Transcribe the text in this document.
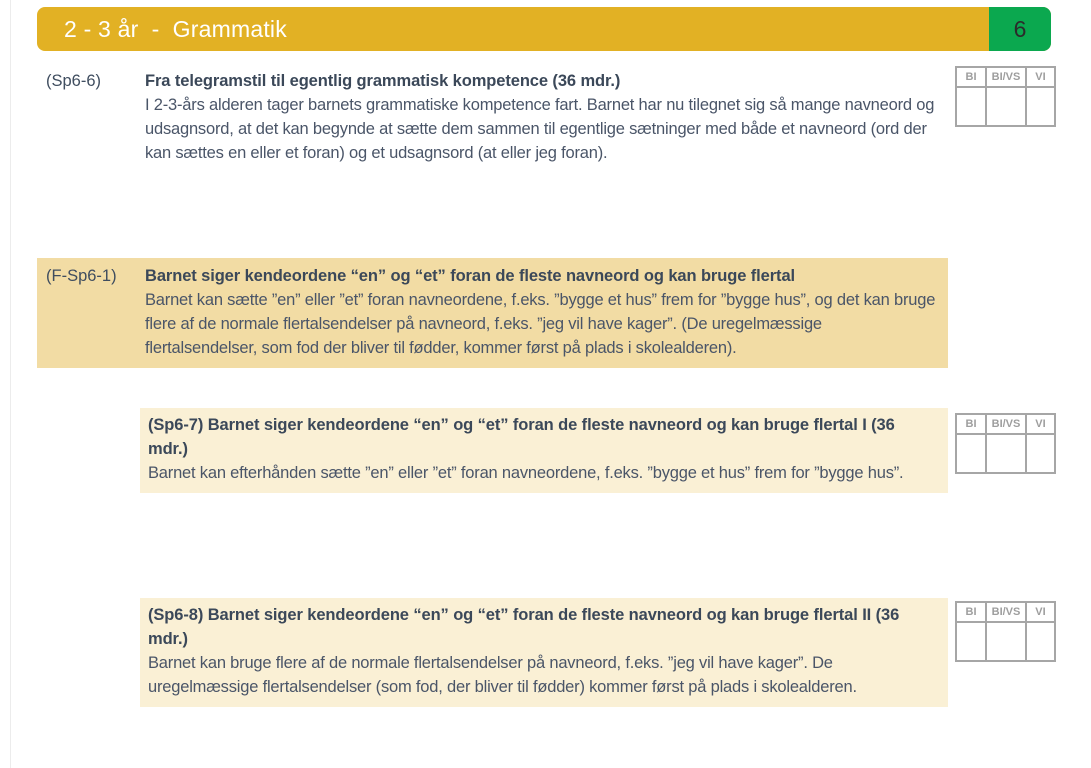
2 - 3 år  -  Grammatik	6
(Sp6-6)	Fra telegramstil til egentlig grammatisk kompetence (36 mdr.)
I 2-3-års alderen tager barnets grammatiske kompetence fart. Barnet har nu tilegnet sig så mange navneord og udsagnsord, at det kan begynde at sætte dem sammen til egentlige sætninger med både et navneord (ord der kan sættes en eller et foran) og et udsagnsord (at eller jeg foran).
BI	BI/VS	VI

(F-Sp6-1)	Barnet siger kendeordene “en” og “et” foran de fleste navneord og kan bruge flertal
Barnet kan sætte ”en” eller ”et” foran navneordene, f.eks. ”bygge et hus” frem for ”bygge hus”, og det kan bruge flere af de normale flertalsendelser på navneord, f.eks. ”jeg vil have kager”. (De uregelmæssige flertalsendelser, som fod der bliver til fødder, kommer først på plads i skolealderen).
(Sp6-7) Barnet siger kendeordene “en” og “et” foran de fleste navneord og kan bruge flertal I (36 mdr.)
Barnet kan efterhånden sætte ”en” eller ”et” foran navneordene, f.eks. ”bygge et hus” frem for ”bygge hus”.
BI	BI/VS	VI

(Sp6-8) Barnet siger kendeordene “en” og “et” foran de fleste navneord og kan bruge flertal II (36 mdr.)
Barnet kan bruge flere af de normale flertalsendelser på navneord, f.eks. ”jeg vil have kager”. De uregelmæssige flertalsendelser (som fod, der bliver til fødder) kommer først på plads i skolealderen.
BI	BI/VS	VI
